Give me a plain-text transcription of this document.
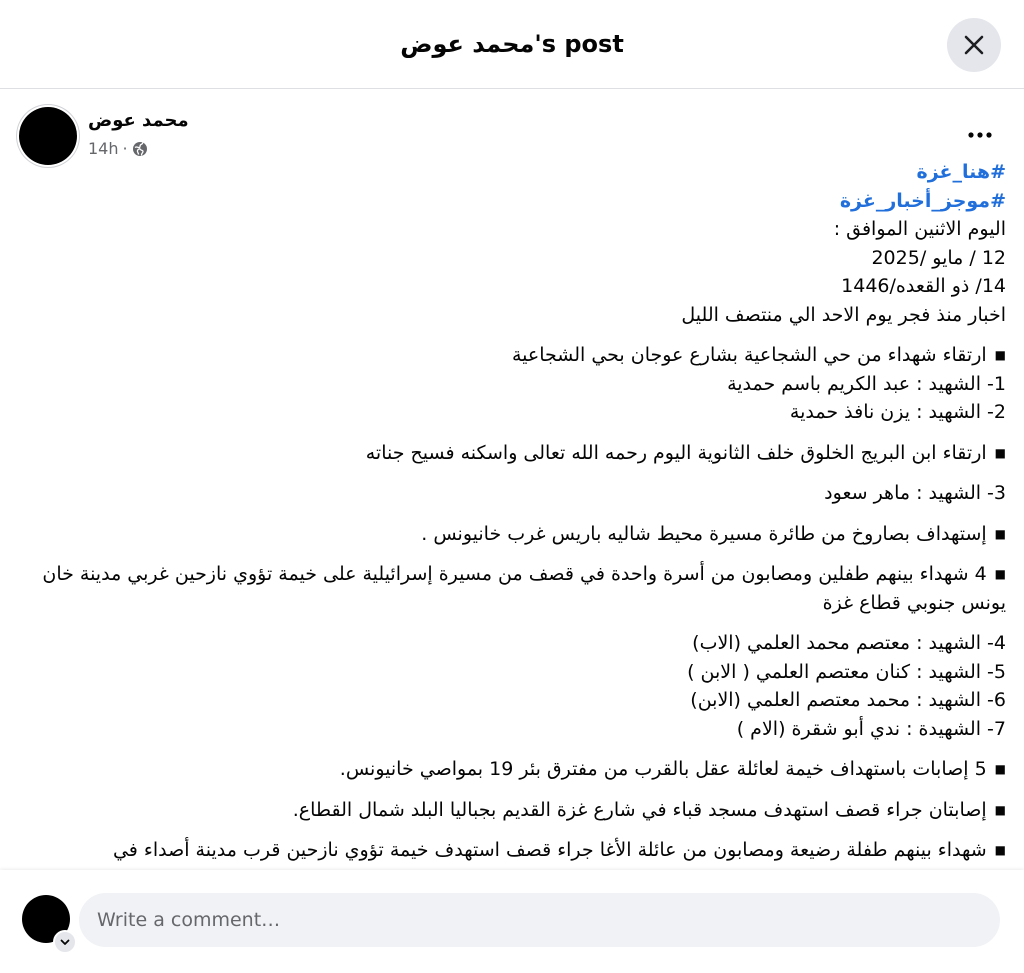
محمد عوض's post
محمد عوض
14h ·

#هنا_غزة

#موجز_أخبار_غزة

اليوم الاثنين الموافق :

12 / مايو /2025

14/ ذو القعده/1446

اخبار منذ فجر يوم الاحد الي منتصف الليل

■ارتقاء شهداء من حي الشجاعية بشارع عوجان بحي الشجاعية

1- الشهيد : عبد الكريم باسم حمدية

2- الشهيد : يزن نافذ حمدية

■ارتقاء ابن البريج الخلوق خلف الثانوية اليوم رحمه الله تعالى واسكنه فسيح جناته

3- الشهيد : ماهر سعود

■إستهداف بصاروخ من طائرة مسيرة محيط شاليه باريس غرب خانيونس .

■4 شهداء بينهم طفلين ومصابون من أسرة واحدة في قصف من مسيرة إسرائيلية على خيمة تؤوي نازحين غربي مدينة خان يونس جنوبي قطاع غزة

4- الشهيد : معتصم محمد العلمي (الاب)

5- الشهيد : كنان معتصم العلمي ( الابن )

6- الشهيد : محمد معتصم العلمي (الابن)

7- الشهيدة : ندي أبو شقرة (الام )

■5 إصابات باستهداف خيمة لعائلة عقل بالقرب من مفترق بئر 19 بمواصي خانيونس.

■إصابتان جراء قصف استهدف مسجد قباء في شارع غزة القديم بجباليا البلد شمال القطاع.

■شهداء بينهم طفلة رضيعة ومصابون من عائلة الأغا جراء قصف استهدف خيمة تؤوي نازحين قرب مدينة أصداء في

Write a comment…
